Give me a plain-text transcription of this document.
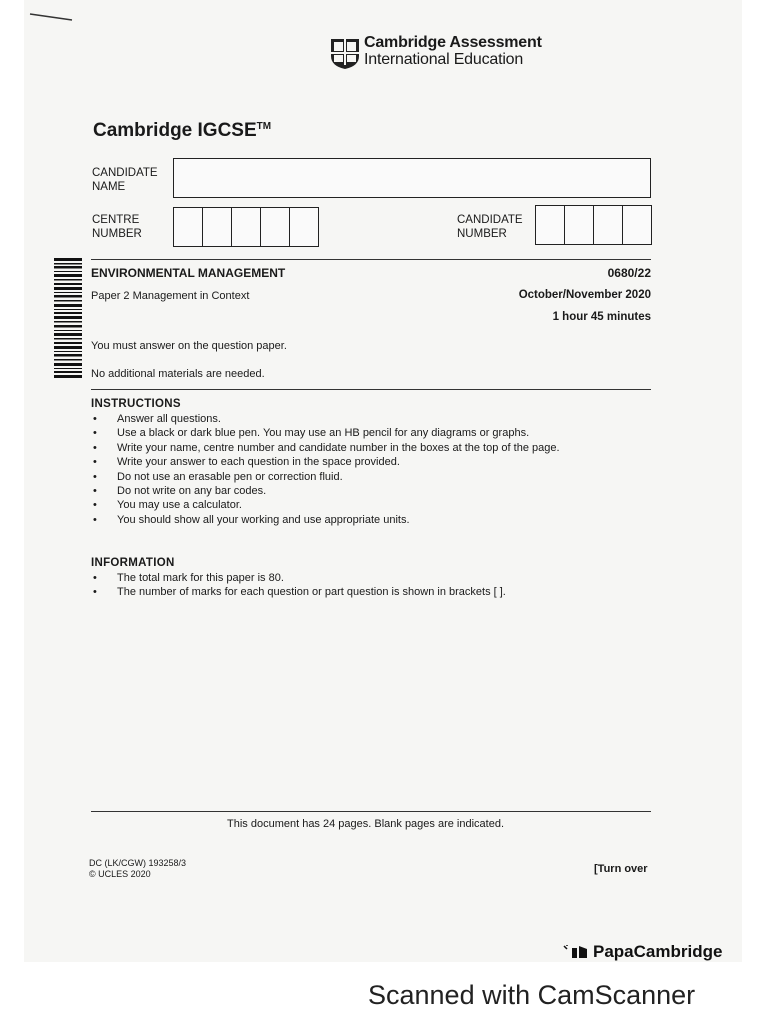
Cambridge Assessment
International Education
Cambridge IGCSE™
CANDIDATE
NAME
CENTRE
NUMBER
CANDIDATE
NUMBER
ENVIRONMENTAL MANAGEMENT	0680/22
Paper 2 Management in Context	October/November 2020
1 hour 45 minutes
You must answer on the question paper.
No additional materials are needed.
INSTRUCTIONS
• Answer all questions.
• Use a black or dark blue pen. You may use an HB pencil for any diagrams or graphs.
• Write your name, centre number and candidate number in the boxes at the top of the page.
• Write your answer to each question in the space provided.
• Do not use an erasable pen or correction fluid.
• Do not write on any bar codes.
• You may use a calculator.
• You should show all your working and use appropriate units.
INFORMATION
• The total mark for this paper is 80.
• The number of marks for each question or part question is shown in brackets [ ].
This document has 24 pages. Blank pages are indicated.
DC (LK/CGW) 193258/3
© UCLES 2020	[Turn over
PapaCambridge
Scanned with CamScanner
